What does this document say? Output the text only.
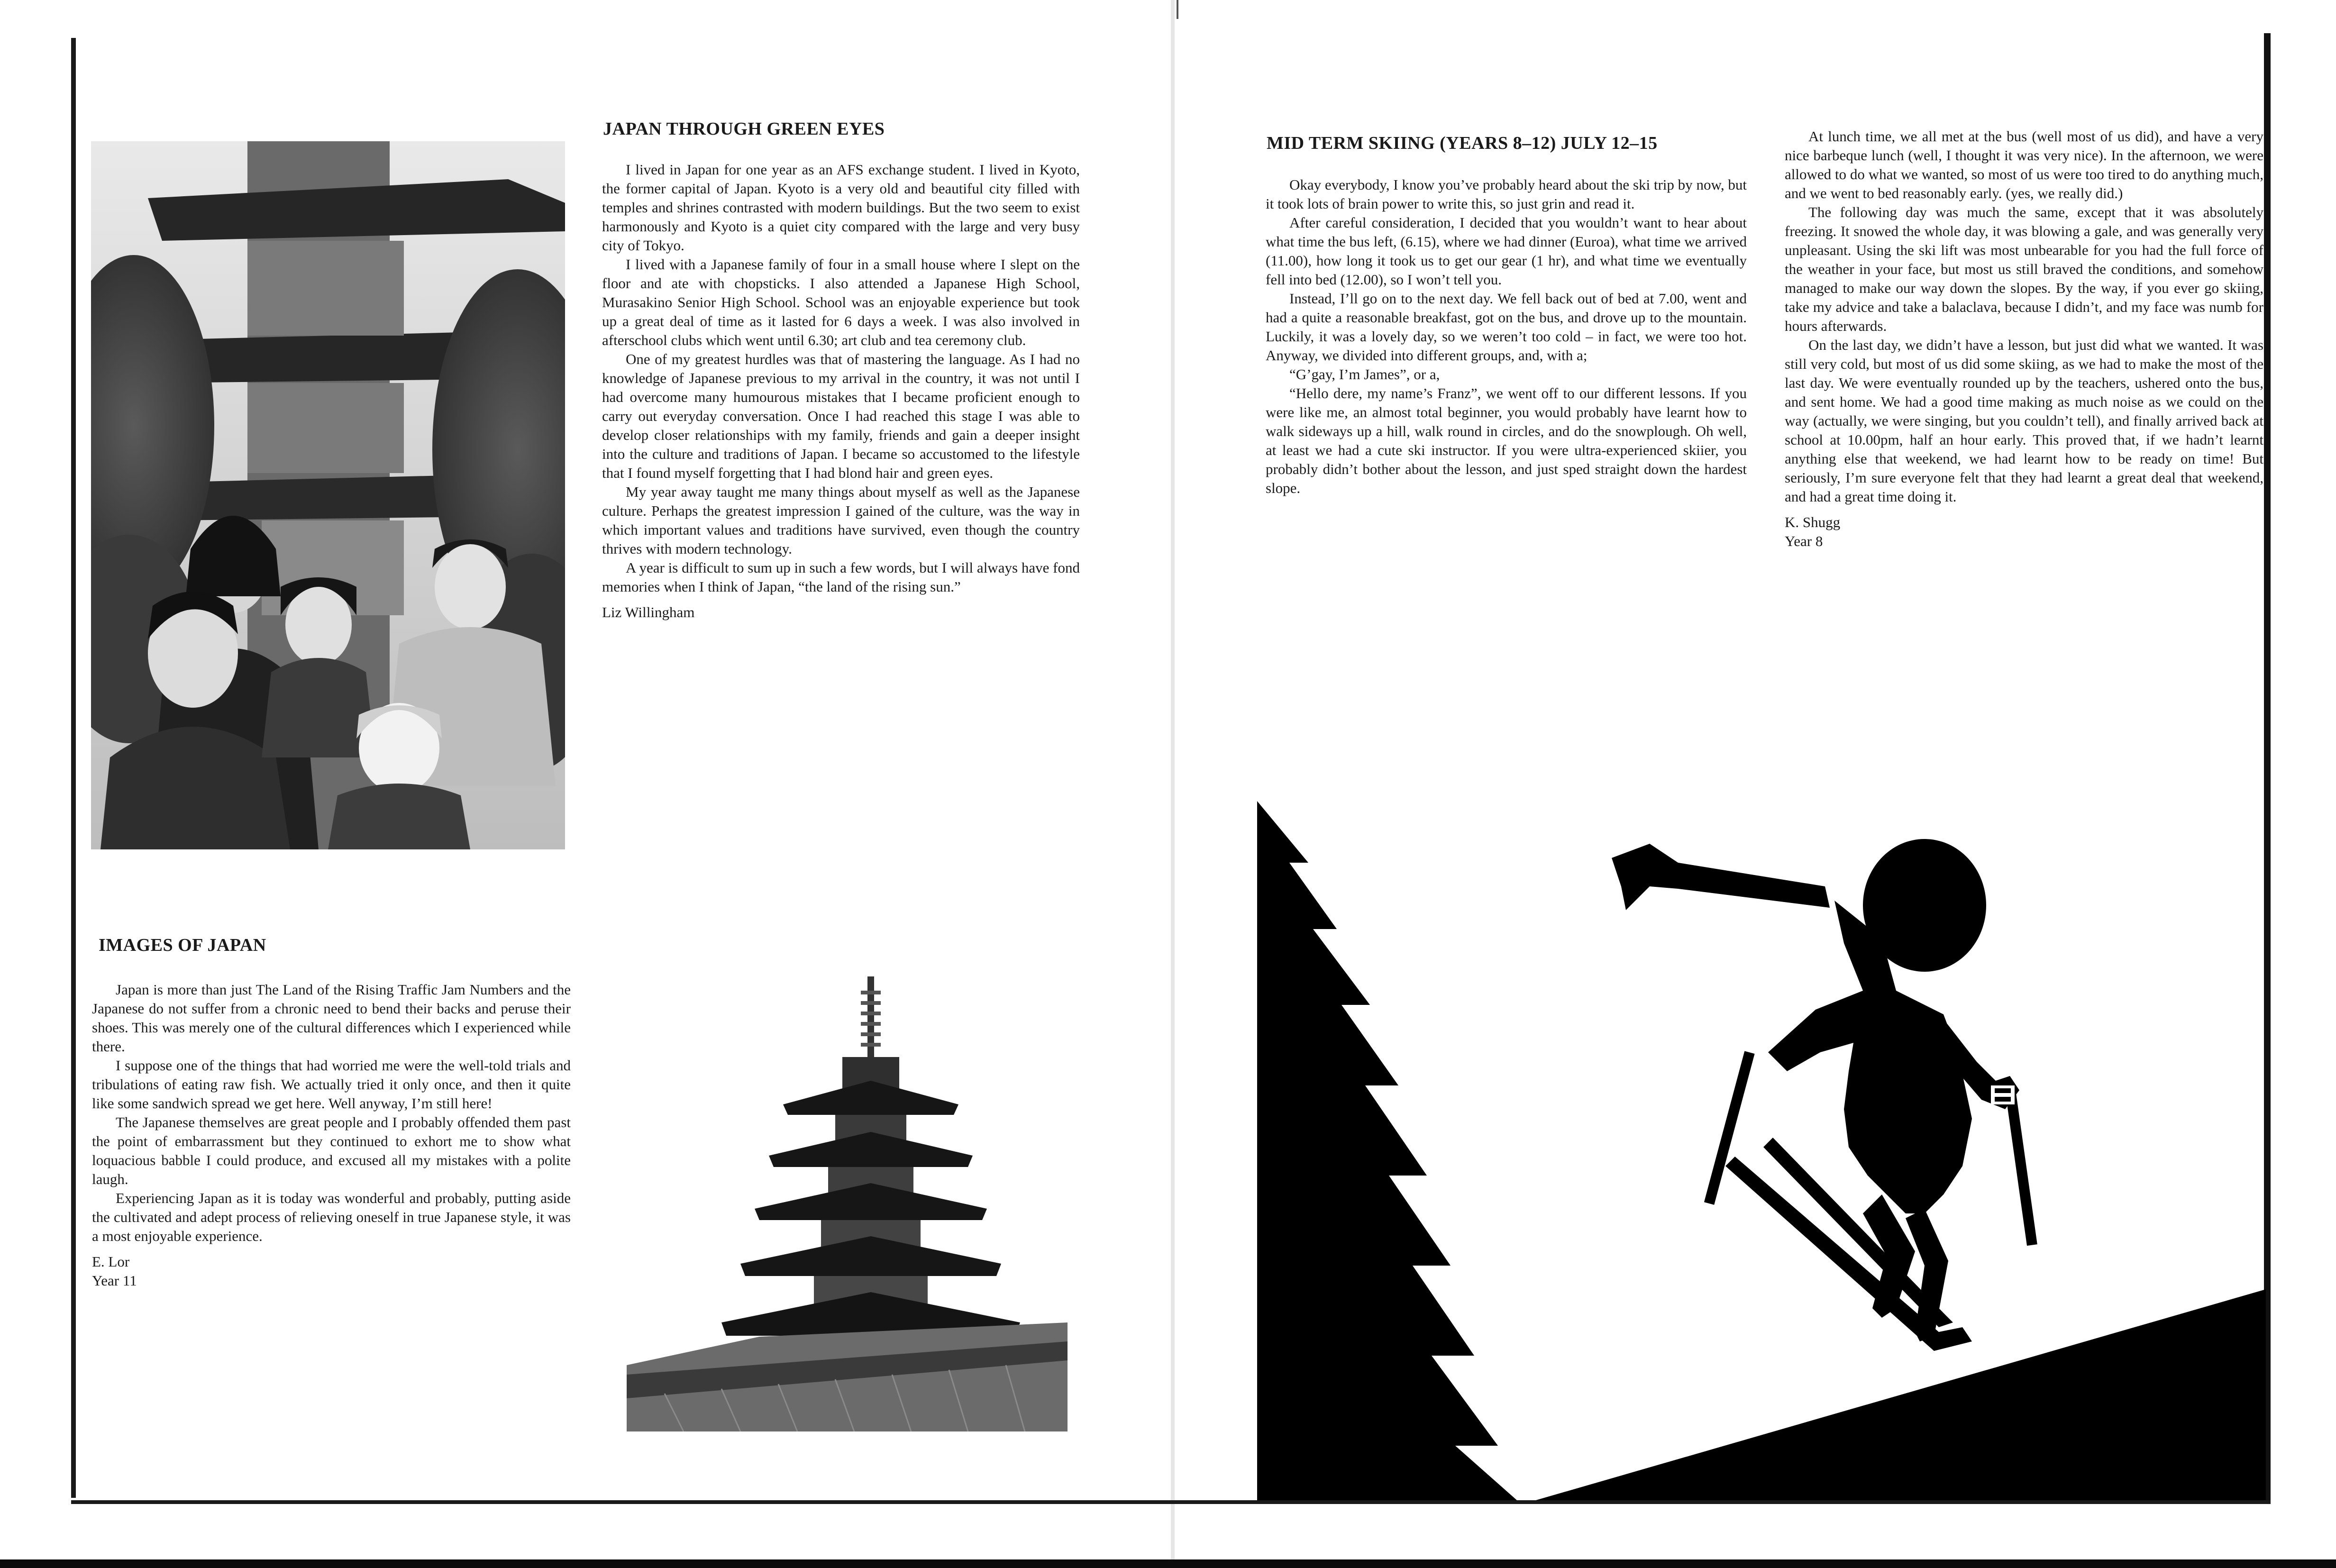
JAPAN THROUGH GREEN EYES

I lived in Japan for one year as an AFS exchange student. I lived in Kyoto, the former capital of Japan. Kyoto is a very old and beautiful city filled with temples and shrines contrasted with modern buildings. But the two seem to exist harmonously and Kyoto is a quiet city compared with the large and very busy city of Tokyo.

I lived with a Japanese family of four in a small house where I slept on the floor and ate with chopsticks. I also attended a Japanese High School, Murasakino Senior High School. School was an enjoyable experience but took up a great deal of time as it lasted for 6 days a week. I was also involved in afterschool clubs which went until 6.30; art club and tea ceremony club.

One of my greatest hurdles was that of mastering the language. As I had no knowledge of Japanese previous to my arrival in the country, it was not until I had overcome many humourous mistakes that I became proficient enough to carry out everyday conversation. Once I had reached this stage I was able to develop closer relationships with my family, friends and gain a deeper insight into the culture and traditions of Japan. I became so accustomed to the lifestyle that I found myself forgetting that I had blond hair and green eyes.

My year away taught me many things about myself as well as the Japanese culture. Perhaps the greatest impression I gained of the culture, was the way in which important values and traditions have survived, even though the country thrives with modern technology.

A year is difficult to sum up in such a few words, but I will always have fond memories when I think of Japan, “the land of the rising sun.”

Liz Willingham
IMAGES OF JAPAN

Japan is more than just The Land of the Rising Traffic Jam Numbers and the Japanese do not suffer from a chronic need to bend their backs and peruse their shoes. This was merely one of the cultural differences which I experienced while there.

I suppose one of the things that had worried me were the well-told trials and tribulations of eating raw fish. We actually tried it only once, and then it quite like some sandwich spread we get here. Well anyway, I’m still here!

The Japanese themselves are great people and I probably offended them past the point of embarrassment but they continued to exhort me to show what loquacious babble I could produce, and excused all my mistakes with a polite laugh.

Experiencing Japan as it is today was wonderful and probably, putting aside the cultivated and adept process of relieving oneself in true Japanese style, it was a most enjoyable experience.

E. Lor
Year 11
MID TERM SKIING (YEARS 8–12) JULY 12–15

Okay everybody, I know you’ve probably heard about the ski trip by now, but it took lots of brain power to write this, so just grin and read it.

After careful consideration, I decided that you wouldn’t want to hear about what time the bus left, (6.15), where we had dinner (Euroa), what time we arrived (11.00), how long it took us to get our gear (1 hr), and what time we eventually fell into bed (12.00), so I won’t tell you.

Instead, I’ll go on to the next day. We fell back out of bed at 7.00, went and had a quite a reasonable breakfast, got on the bus, and drove up to the mountain. Luckily, it was a lovely day, so we weren’t too cold – in fact, we were too hot. Anyway, we divided into different groups, and, with a;

“G’gay, I’m James”, or a,

“Hello dere, my name’s Franz”, we went off to our different lessons. If you were like me, an almost total beginner, you would probably have learnt how to walk sideways up a hill, walk round in circles, and do the snowplough. Oh well, at least we had a cute ski instructor. If you were ultra-experienced skiier, you probably didn’t bother about the lesson, and just sped straight down the hardest slope.

At lunch time, we all met at the bus (well most of us did), and have a very nice barbeque lunch (well, I thought it was very nice). In the afternoon, we were allowed to do what we wanted, so most of us were too tired to do anything much, and we went to bed reasonably early. (yes, we really did.)

The following day was much the same, except that it was absolutely freezing. It snowed the whole day, it was blowing a gale, and was generally very unpleasant. Using the ski lift was most unbearable for you had the full force of the weather in your face, but most us still braved the conditions, and somehow managed to make our way down the slopes. By the way, if you ever go skiing, take my advice and take a balaclava, because I didn’t, and my face was numb for hours afterwards.

On the last day, we didn’t have a lesson, but just did what we wanted. It was still very cold, but most of us did some skiing, as we had to make the most of the last day. We were eventually rounded up by the teachers, ushered onto the bus, and sent home. We had a good time making as much noise as we could on the way (actually, we were singing, but you couldn’t tell), and finally arrived back at school at 10.00pm, half an hour early. This proved that, if we hadn’t learnt anything else that weekend, we had learnt how to be ready on time! But seriously, I’m sure everyone felt that they had learnt a great deal that weekend, and had a great time doing it.

K. Shugg
Year 8
